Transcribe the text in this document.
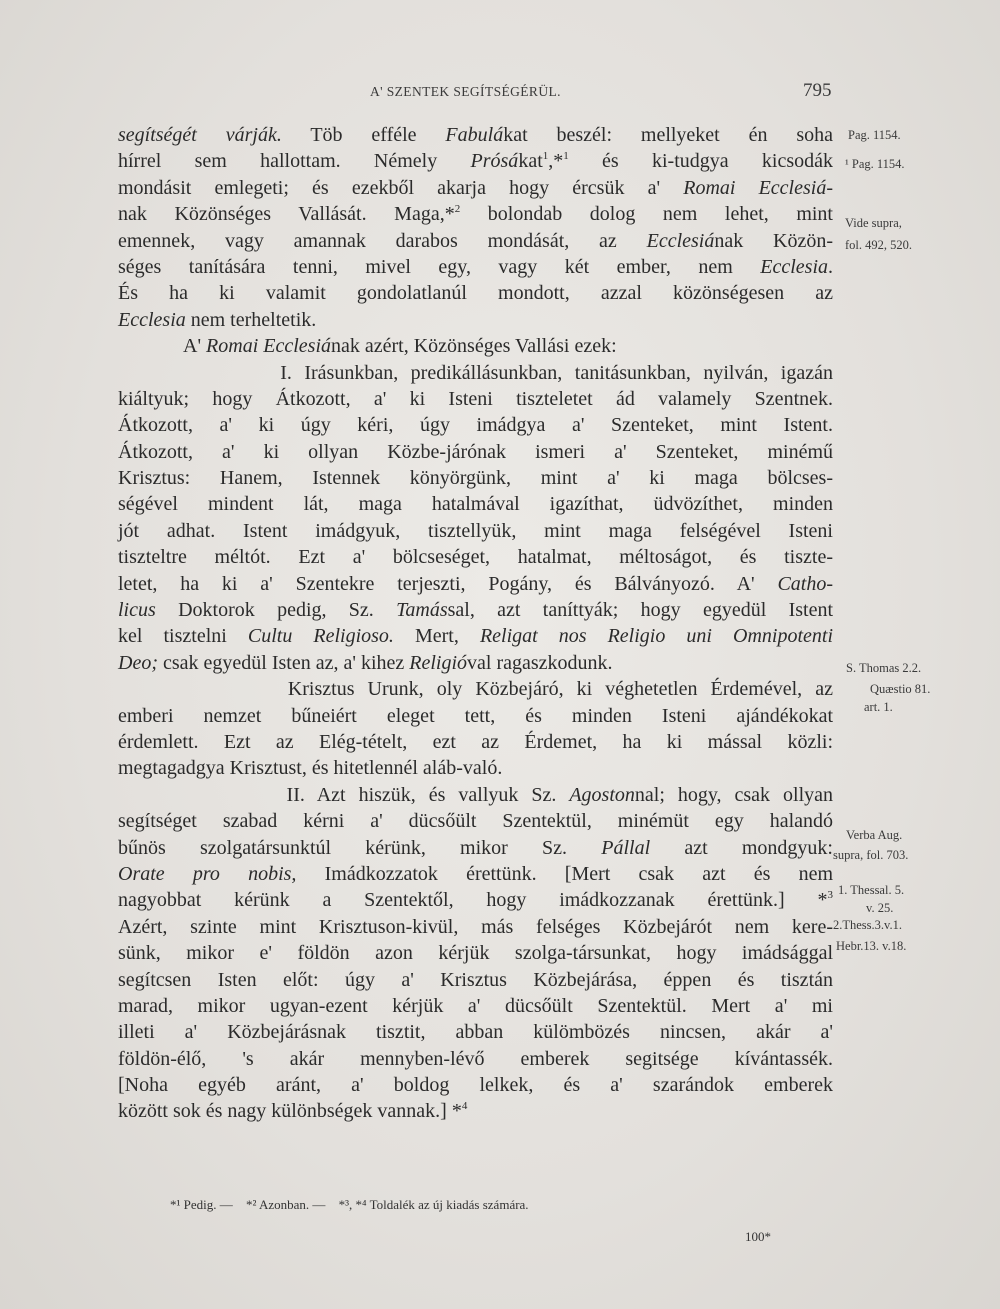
A' SZENTEK SEGÍTSÉGÉRÜL.	795
segítségét várják. Töb efféle Fabulákat beszél: mellyeket én soha
hírrel sem hallottam. Némely Prósákat$^1$,*$^1$ és ki-tudgya kicsodák
mondásit emlegeti; és ezekből akarja hogy ércsük a' Romai Ecclesiá-
nak Közönséges Vallását. Maga,*$^2$ bolondab dolog nem lehet, mint
emennek, vagy amannak darabos mondását, az Ecclesiának Közön-
séges tanítására tenni, mivel egy, vagy két ember, nem Ecclesia.
És ha ki valamit gondolatlanúl mondott, azzal közönségesen az
Ecclesia nem terheltetik.
A' Romai Ecclesiának azért, Közönséges Vallási ezek:
I. Irásunkban, predikállásunkban, tanitásunkban, nyilván, igazán
kiáltyuk; hogy Átkozott, a' ki Isteni tiszteletet ád valamely Szentnek.
Átkozott, a' ki úgy kéri, úgy imádgya a' Szenteket, mint Istent.
Átkozott, a' ki ollyan Közbe-járónak ismeri a' Szenteket, minémű
Krisztus: Hanem, Istennek könyörgünk, mint a' ki maga bölcses-
ségével mindent lát, maga hatalmával igazíthat, üdvözíthet, minden
jót adhat. Istent imádgyuk, tisztellyük, mint maga felségével Isteni
tiszteltre méltót. Ezt a' bölcseséget, hatalmat, méltoságot, és tiszte-
letet, ha ki a' Szentekre terjeszti, Pogány, és Bálványozó. A' Catho-
licus Doktorok pedig, Sz. Tamással, azt taníttyák; hogy egyedül Istent
kel tisztelni Cultu Religioso. Mert, Religat nos Religio uni Omnipotenti
Deo; csak egyedül Isten az, a' kihez Religióval ragaszkodunk.
Krisztus Urunk, oly Közbejáró, ki véghetetlen Érdemével, az
emberi nemzet bűneiért eleget tett, és minden Isteni ajándékokat
érdemlett. Ezt az Elég-tételt, ezt az Érdemet, ha ki mással közli:
megtagadgya Krisztust, és hitetlennél aláb-való.
II. Azt hiszük, és vallyuk Sz. Agostonnal; hogy, csak ollyan
segítséget szabad kérni a' dücsőült Szentektül, minémüt egy halandó
bűnös szolgatársunktúl kérünk, mikor Sz. Pállal azt mondgyuk:
Orate pro nobis, Imádkozzatok érettünk. [Mert csak azt és nem
nagyobbat kérünk a Szentektől, hogy imádkozzanak érettünk.] *$^3$
Azért, szinte mint Krisztuson-kivül, más felséges Közbejárót nem kere-
sünk, mikor e' földön azon kérjük szolga-társunkat, hogy imádsággal
segítcsen Isten előt: úgy a' Krisztus Közbejárása, éppen és tisztán
marad, mikor ugyan-ezent kérjük a' dücsőült Szentektül. Mert a' mi
illeti a' Közbejárásnak tisztit, abban külömbözés nincsen, akár a'
földön-élő, 's akár mennyben-lévő emberek segitsége kívántassék.
[Noha egyéb aránt, a' boldog lelkek, és a' szarándok emberek
között sok és nagy különbségek vannak.] *$^4$
Pag. 1154.
¹ Pag. 1154.
Vide supra,
fol. 492, 520.
S. Thomas 2.2.
Quæstio 81.
art. 1.
Verba Aug.
supra, fol. 703.
1. Thessal. 5.
v. 25.
2.Thess.3.v.1.
Hebr.13. v.18.
*¹ Pedig. — *² Azonban. — *³, *⁴ Toldalék az új kiadás számára.
100*
